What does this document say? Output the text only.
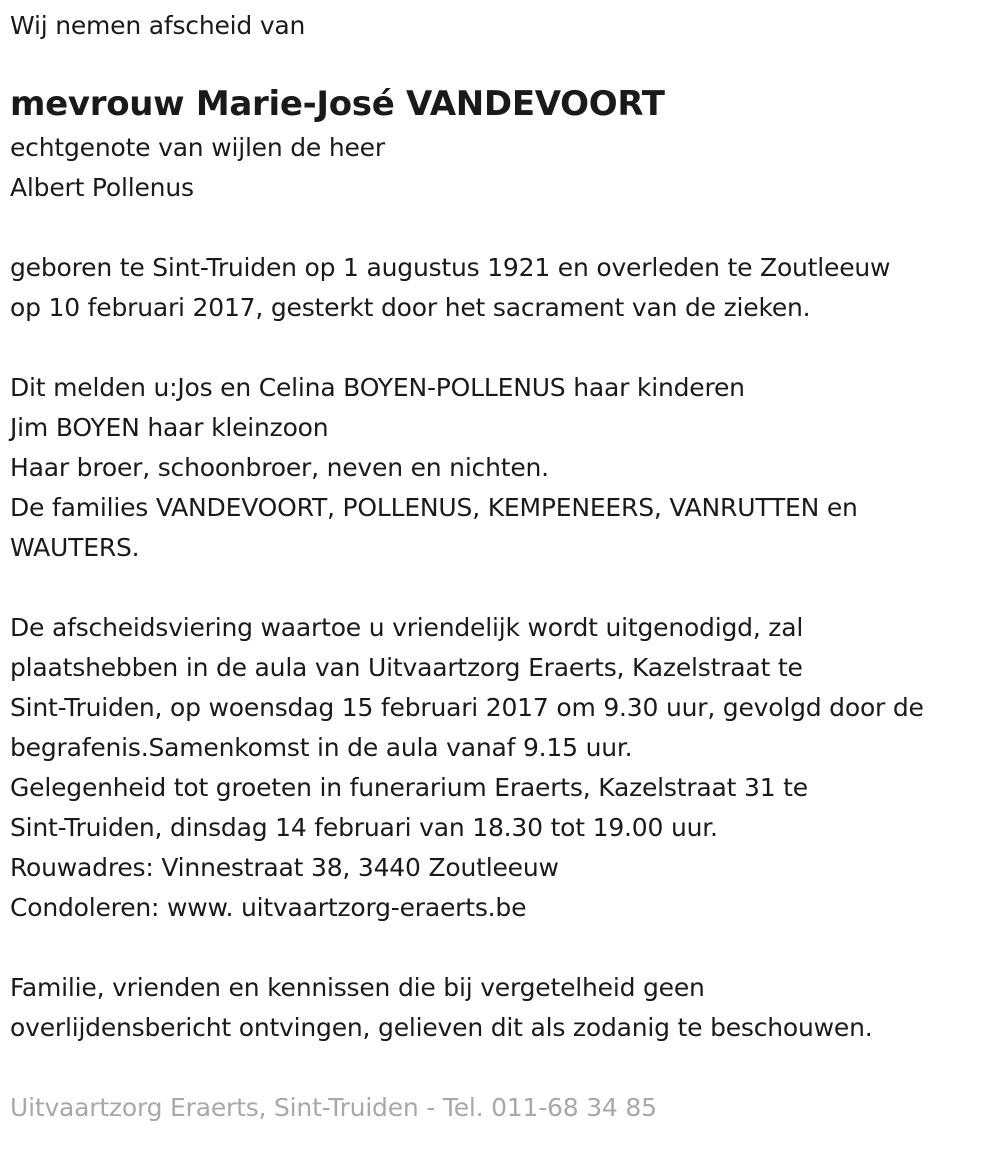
Wij nemen afscheid van
mevrouw Marie-José VANDEVOORT
echtgenote van wijlen de heer
Albert Pollenus
geboren te Sint-Truiden op 1 augustus 1921 en overleden te Zoutleeuw
op 10 februari 2017, gesterkt door het sacrament van de zieken.
Dit melden u:Jos en Celina BOYEN-POLLENUS haar kinderen
Jim BOYEN haar kleinzoon
Haar broer, schoonbroer, neven en nichten.
De families VANDEVOORT, POLLENUS, KEMPENEERS, VANRUTTEN en
WAUTERS.
De afscheidsviering waartoe u vriendelijk wordt uitgenodigd, zal
plaatshebben in de aula van Uitvaartzorg Eraerts, Kazelstraat te
Sint-Truiden, op woensdag 15 februari 2017 om 9.30 uur, gevolgd door de
begrafenis.Samenkomst in de aula vanaf 9.15 uur.
Gelegenheid tot groeten in funerarium Eraerts, Kazelstraat 31 te
Sint-Truiden, dinsdag 14 februari van 18.30 tot 19.00 uur.
Rouwadres: Vinnestraat 38, 3440 Zoutleeuw
Condoleren: www. uitvaartzorg-eraerts.be
Familie, vrienden en kennissen die bij vergetelheid geen
overlijdensbericht ontvingen, gelieven dit als zodanig te beschouwen.
Uitvaartzorg Eraerts, Sint-Truiden - Tel. 011-68 34 85
